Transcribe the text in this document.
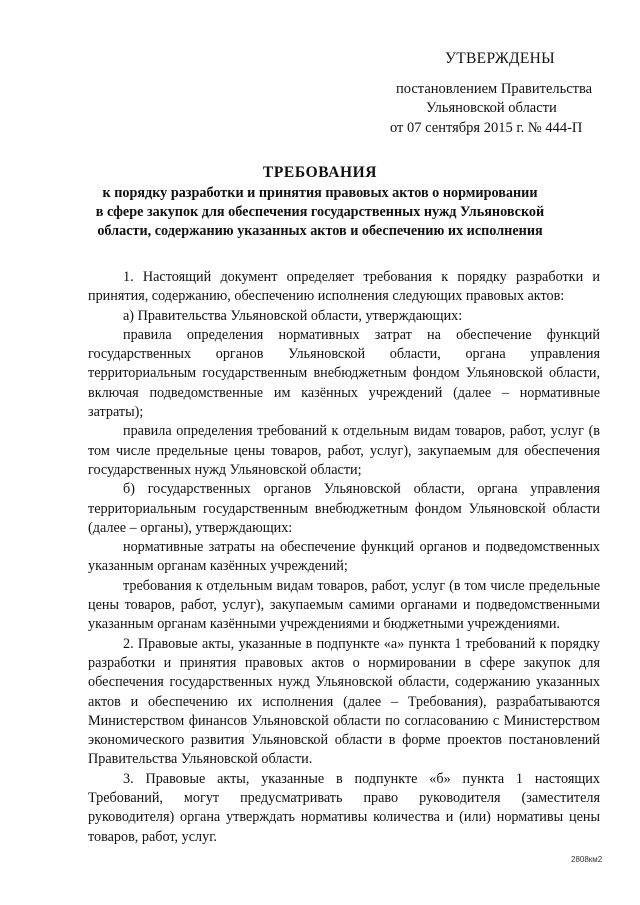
УТВЕРЖДЕНЫ
постановлением Правительства
Ульяновской области
от 07 сентября 2015 г. № 444-П
ТРЕБОВАНИЯ
к порядку разработки и принятия правовых актов о нормировании
в сфере закупок для обеспечения государственных нужд Ульяновской
области, содержанию указанных актов и обеспечению их исполнения

1. Настоящий документ определяет требования к порядку разработки и принятия, содержанию, обеспечению исполнения следующих правовых актов:

а) Правительства Ульяновской области, утверждающих:

правила определения нормативных затрат на обеспечение функций государственных органов Ульяновской области, органа управления территориальным государственным внебюджетным фондом Ульяновской области, включая подведомственные им казённых учреждений (далее – нормативные затраты);

правила определения требований к отдельным видам товаров, работ, услуг (в том числе предельные цены товаров, работ, услуг), закупаемым для обеспечения государственных нужд Ульяновской области;

б) государственных органов Ульяновской области, органа управления территориальным государственным внебюджетным фондом Ульяновской области (далее – органы), утверждающих:

нормативные затраты на обеспечение функций органов и подведомственных указанным органам казённых учреждений;

требования к отдельным видам товаров, работ, услуг (в том числе предельные цены товаров, работ, услуг), закупаемым самими органами и подведомственными указанным органам казёнными учреждениями и бюджетными учреждениями.

2. Правовые акты, указанные в подпункте «а» пункта 1 требований к порядку разработки и принятия правовых актов о нормировании в сфере закупок для обеспечения государственных нужд Ульяновской области, содержанию указанных актов и обеспечению их исполнения (далее – Требования), разрабатываются Министерством финансов Ульяновской области по согласованию с Министерством экономического развития Ульяновской области в форме проектов постановлений Правительства Ульяновской области.

3. Правовые акты, указанные в подпункте «б» пункта 1 настоящих Требований, могут предусматривать право руководителя (заместителя руководителя) органа утверждать нормативы количества и (или) нормативы цены товаров, работ, услуг.

2808км2
